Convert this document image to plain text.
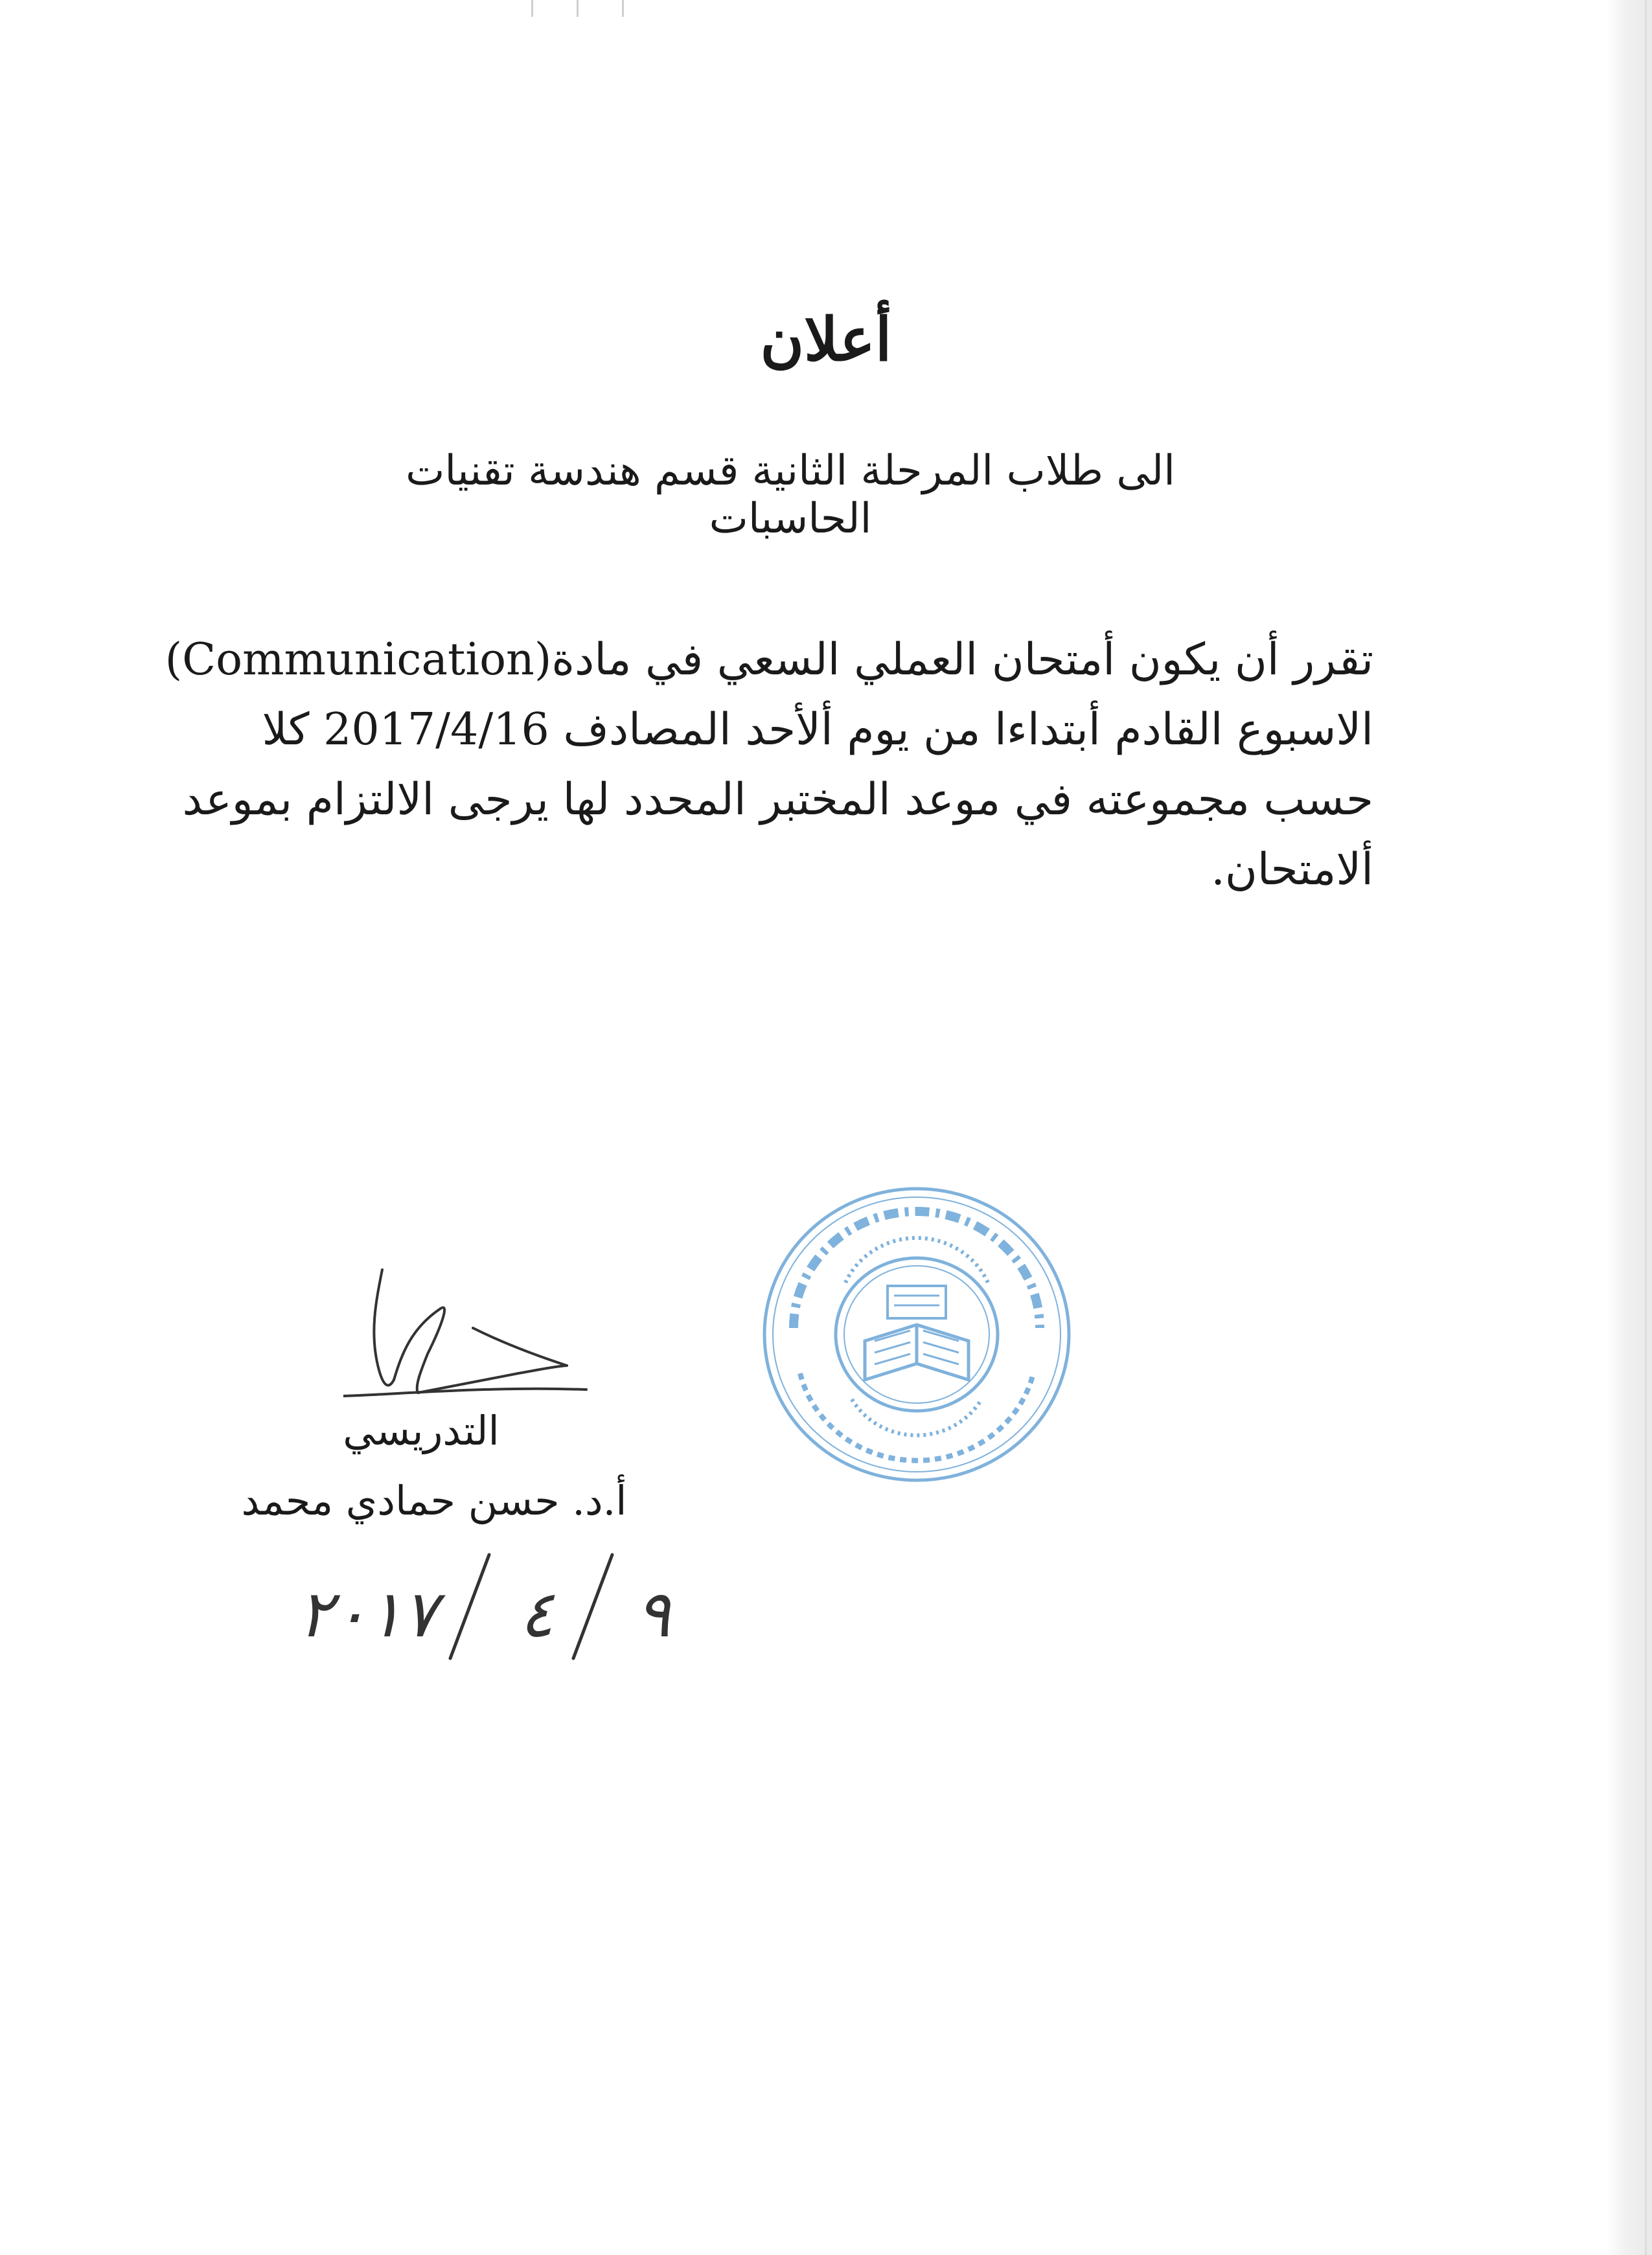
أعلان
الى طلاب المرحلة الثانية قسم هندسة تقنيات الحاسبات
تقرر أن يكون أمتحان العملي السعي في مادة(Communication)
الاسبوع القادم أبتداءا من يوم ألأحد المصادف 2017/4/16 كلا
حسب مجموعته في موعد المختبر المحدد لها يرجى الالتزام بموعد
ألامتحان.
التدريسي
أ.د. حسن حمادي محمد
٩
٤
٢٠١٧
